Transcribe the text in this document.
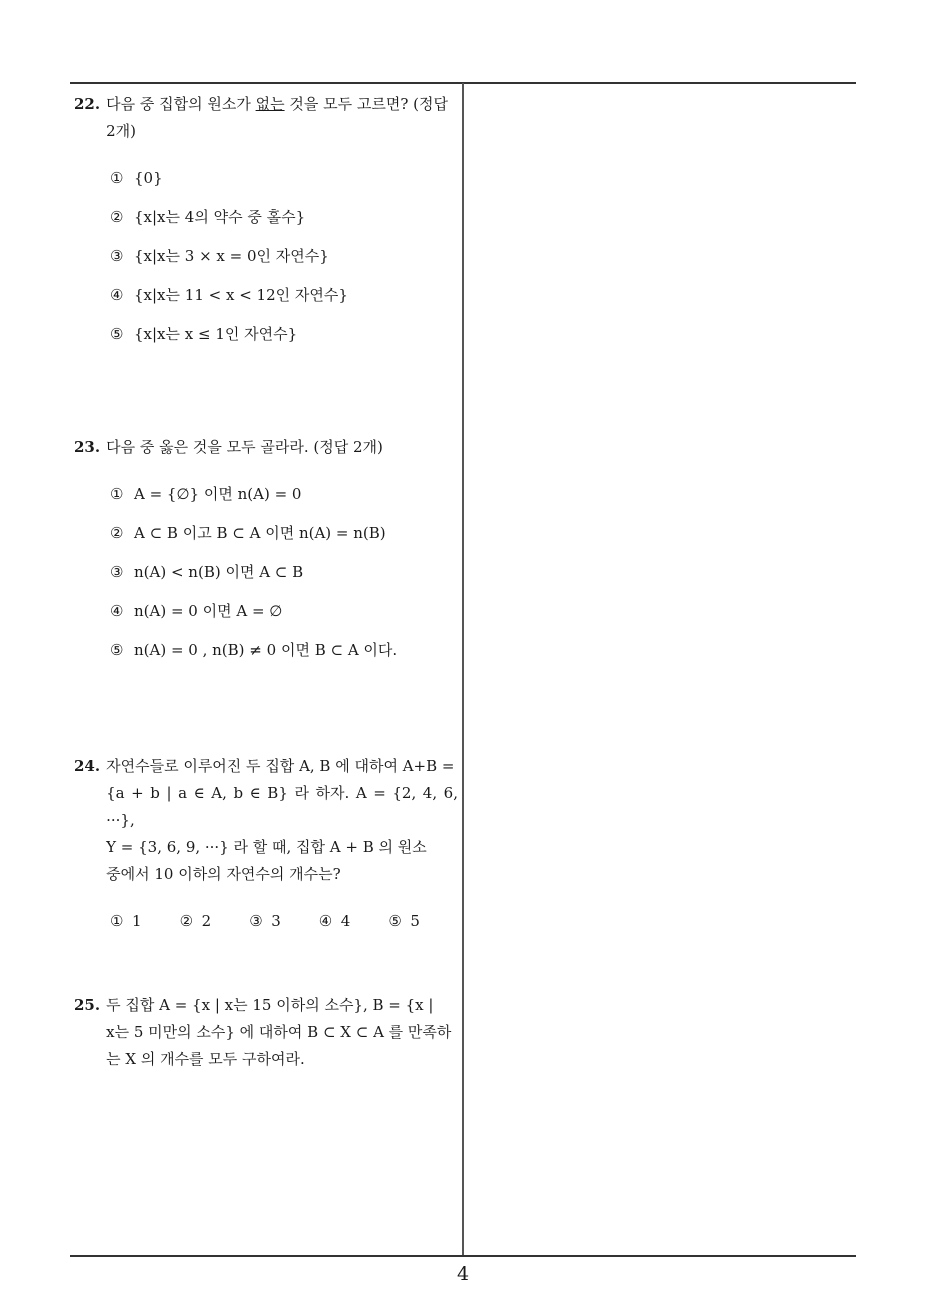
22. 다음 중 집합의 원소가 없는 것을 모두 고르면? (정답
2개)
① {0}
② {x|x는 4의 약수 중 홀수}
③ {x|x는 3 × x = 0인 자연수}
④ {x|x는 11 < x < 12인 자연수}
⑤ {x|x는 x ≤ 1인 자연수}
23. 다음 중 옳은 것을 모두 골라라. (정답 2개)
① A = {∅} 이면 n(A) = 0
② A ⊂ B 이고 B ⊂ A 이면 n(A) = n(B)
③ n(A) < n(B) 이면 A ⊂ B
④ n(A) = 0 이면 A = ∅
⑤ n(A) = 0 , n(B) ≠ 0 이면 B ⊂ A 이다.
24. 자연수들로 이루어진 두 집합 A, B 에 대하여 A+B =
{a + b | a ∈ A, b ∈ B} 라 하자. A = {2, 4, 6, ···},
Y = {3, 6, 9, ···} 라 할 때, 집합 A + B 의 원소
중에서 10 이하의 자연수의 개수는?
① 1	② 2	③ 3	④ 4	⑤ 5
25. 두 집합 A = {x | x는 15 이하의 소수}, B = {x |
x는 5 미만의 소수} 에 대하여 B ⊂ X ⊂ A 를 만족하
는 X 의 개수를 모두 구하여라.
4
